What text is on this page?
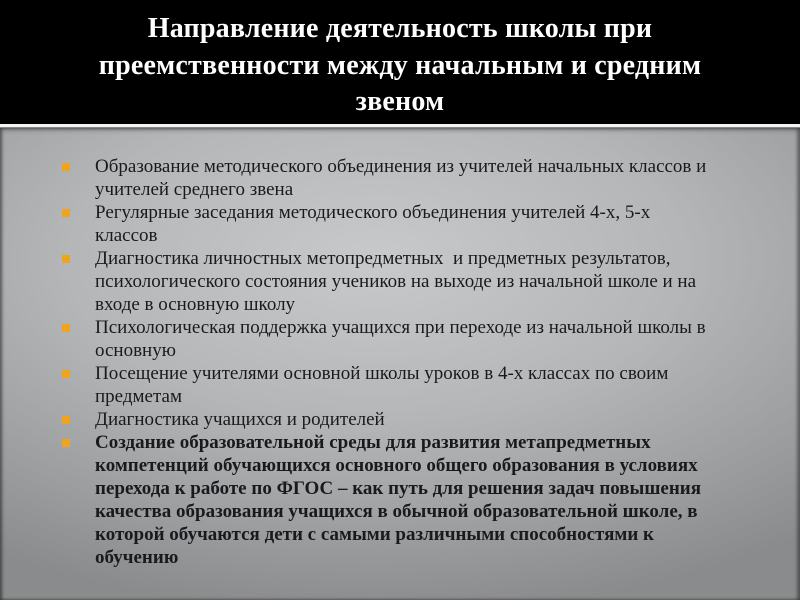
Направление деятельность школы при преемственности между начальным и средним звеном
Образование методического объединения из учителей начальных классов и учителей среднего звена
Регулярные заседания методического объединения учителей 4-х, 5-х классов
Диагностика личностных метопредметных  и предметных результатов, психологического состояния учеников на выходе из начальной школе и на входе в основную школу
Психологическая поддержка учащихся при переходе из начальной школы в основную
Посещение учителями основной школы уроков в 4-х классах по своим предметам
Диагностика учащихся и родителей
Создание образовательной среды для развития метапредметных компетенций обучающихся основного общего образования в условиях перехода к работе по ФГОС – как путь для решения задач повышения качества образования учащихся в обычной образовательной школе, в которой обучаются дети с самыми различными способностями к обучению
